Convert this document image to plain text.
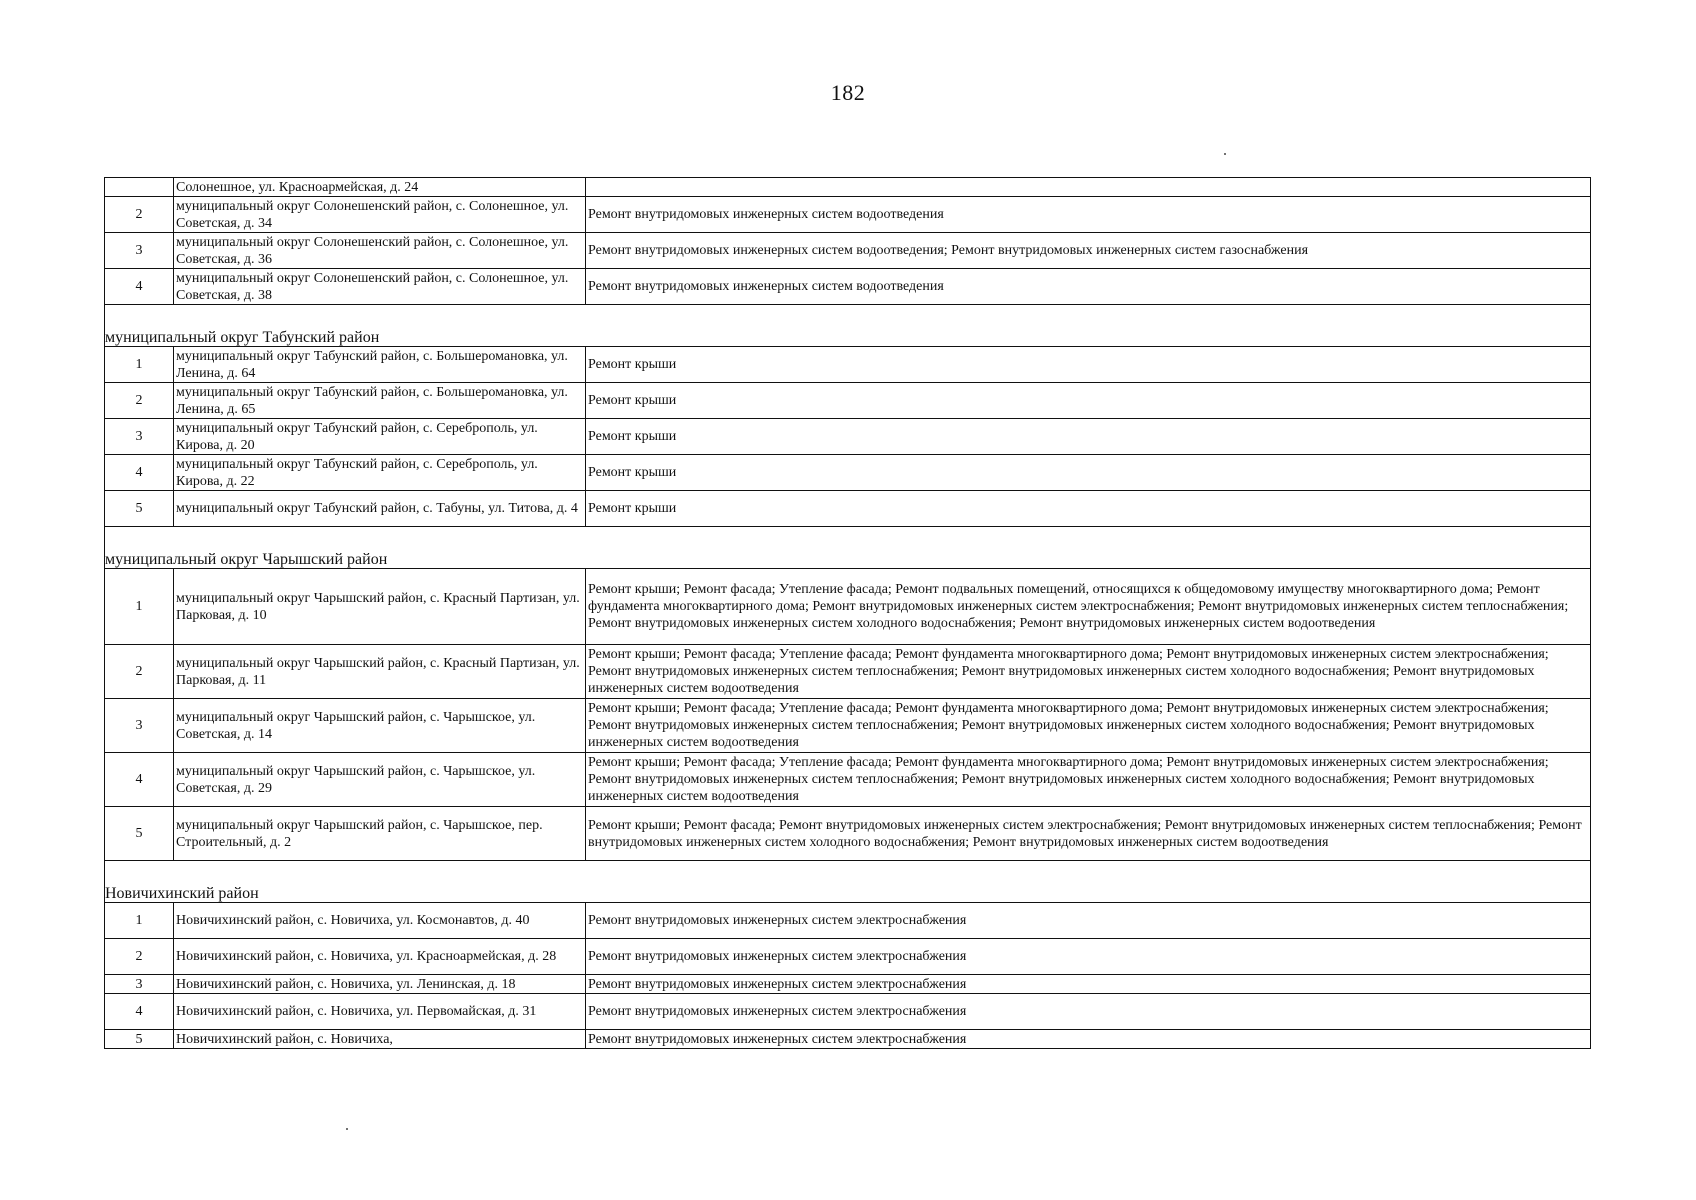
182
	Солонешное, ул. Красноармейская, д. 24	
2	муниципальный округ Солонешенский район, с. Солонешное, ул. Советская, д. 34	Ремонт внутридомовых инженерных систем водоотведения
3	муниципальный округ Солонешенский район, с. Солонешное, ул. Советская, д. 36	Ремонт внутридомовых инженерных систем водоотведения; Ремонт внутридомовых инженерных систем газоснабжения
4	муниципальный округ Солонешенский район, с. Солонешное, ул. Советская, д. 38	Ремонт внутридомовых инженерных систем водоотведения
муниципальный округ Табунский район		
1	муниципальный округ Табунский район, с. Большеромановка, ул. Ленина, д. 64	Ремонт крыши
2	муниципальный округ Табунский район, с. Большеромановка, ул. Ленина, д. 65	Ремонт крыши
3	муниципальный округ Табунский район, с. Сереброполь, ул. Кирова, д. 20	Ремонт крыши
4	муниципальный округ Табунский район, с. Сереброполь, ул. Кирова, д. 22	Ремонт крыши
5	муниципальный округ Табунский район, с. Табуны, ул. Титова, д. 4	Ремонт крыши
муниципальный округ Чарышский район		
1	муниципальный округ Чарышский район, с. Красный Партизан, ул. Парковая, д. 10	Ремонт крыши; Ремонт фасада; Утепление фасада; Ремонт подвальных помещений, относящихся к общедомовому имуществу многоквартирного дома; Ремонт фундамента многоквартирного дома; Ремонт внутридомовых инженерных систем электроснабжения; Ремонт внутридомовых инженерных систем теплоснабжения; Ремонт внутридомовых инженерных систем холодного водоснабжения; Ремонт внутридомовых инженерных систем водоотведения
2	муниципальный округ Чарышский район, с. Красный Партизан, ул. Парковая, д. 11	Ремонт крыши; Ремонт фасада; Утепление фасада; Ремонт фундамента многоквартирного дома; Ремонт внутридомовых инженерных систем электроснабжения; Ремонт внутридомовых инженерных систем теплоснабжения; Ремонт внутридомовых инженерных систем холодного водоснабжения; Ремонт внутридомовых инженерных систем водоотведения
3	муниципальный округ Чарышский район, с. Чарышское, ул. Советская, д. 14	Ремонт крыши; Ремонт фасада; Утепление фасада; Ремонт фундамента многоквартирного дома; Ремонт внутридомовых инженерных систем электроснабжения; Ремонт внутридомовых инженерных систем теплоснабжения; Ремонт внутридомовых инженерных систем холодного водоснабжения; Ремонт внутридомовых инженерных систем водоотведения
4	муниципальный округ Чарышский район, с. Чарышское, ул. Советская, д. 29	Ремонт крыши; Ремонт фасада; Утепление фасада; Ремонт фундамента многоквартирного дома; Ремонт внутридомовых инженерных систем электроснабжения; Ремонт внутридомовых инженерных систем теплоснабжения; Ремонт внутридомовых инженерных систем холодного водоснабжения; Ремонт внутридомовых инженерных систем водоотведения
5	муниципальный округ Чарышский район, с. Чарышское, пер. Строительный, д. 2	Ремонт крыши; Ремонт фасада; Ремонт внутридомовых инженерных систем электроснабжения; Ремонт внутридомовых инженерных систем теплоснабжения; Ремонт внутридомовых инженерных систем холодного водоснабжения; Ремонт внутридомовых инженерных систем водоотведения
Новичихинский район		
1	Новичихинский район, с. Новичиха, ул. Космонавтов, д. 40	Ремонт внутридомовых инженерных систем электроснабжения
2	Новичихинский район, с. Новичиха, ул. Красноармейская, д. 28	Ремонт внутридомовых инженерных систем электроснабжения
3	Новичихинский район, с. Новичиха, ул. Ленинская, д. 18	Ремонт внутридомовых инженерных систем электроснабжения
4	Новичихинский район, с. Новичиха, ул. Первомайская, д. 31	Ремонт внутридомовых инженерных систем электроснабжения
5	Новичихинский район, с. Новичиха,	Ремонт внутридомовых инженерных систем электроснабжения
